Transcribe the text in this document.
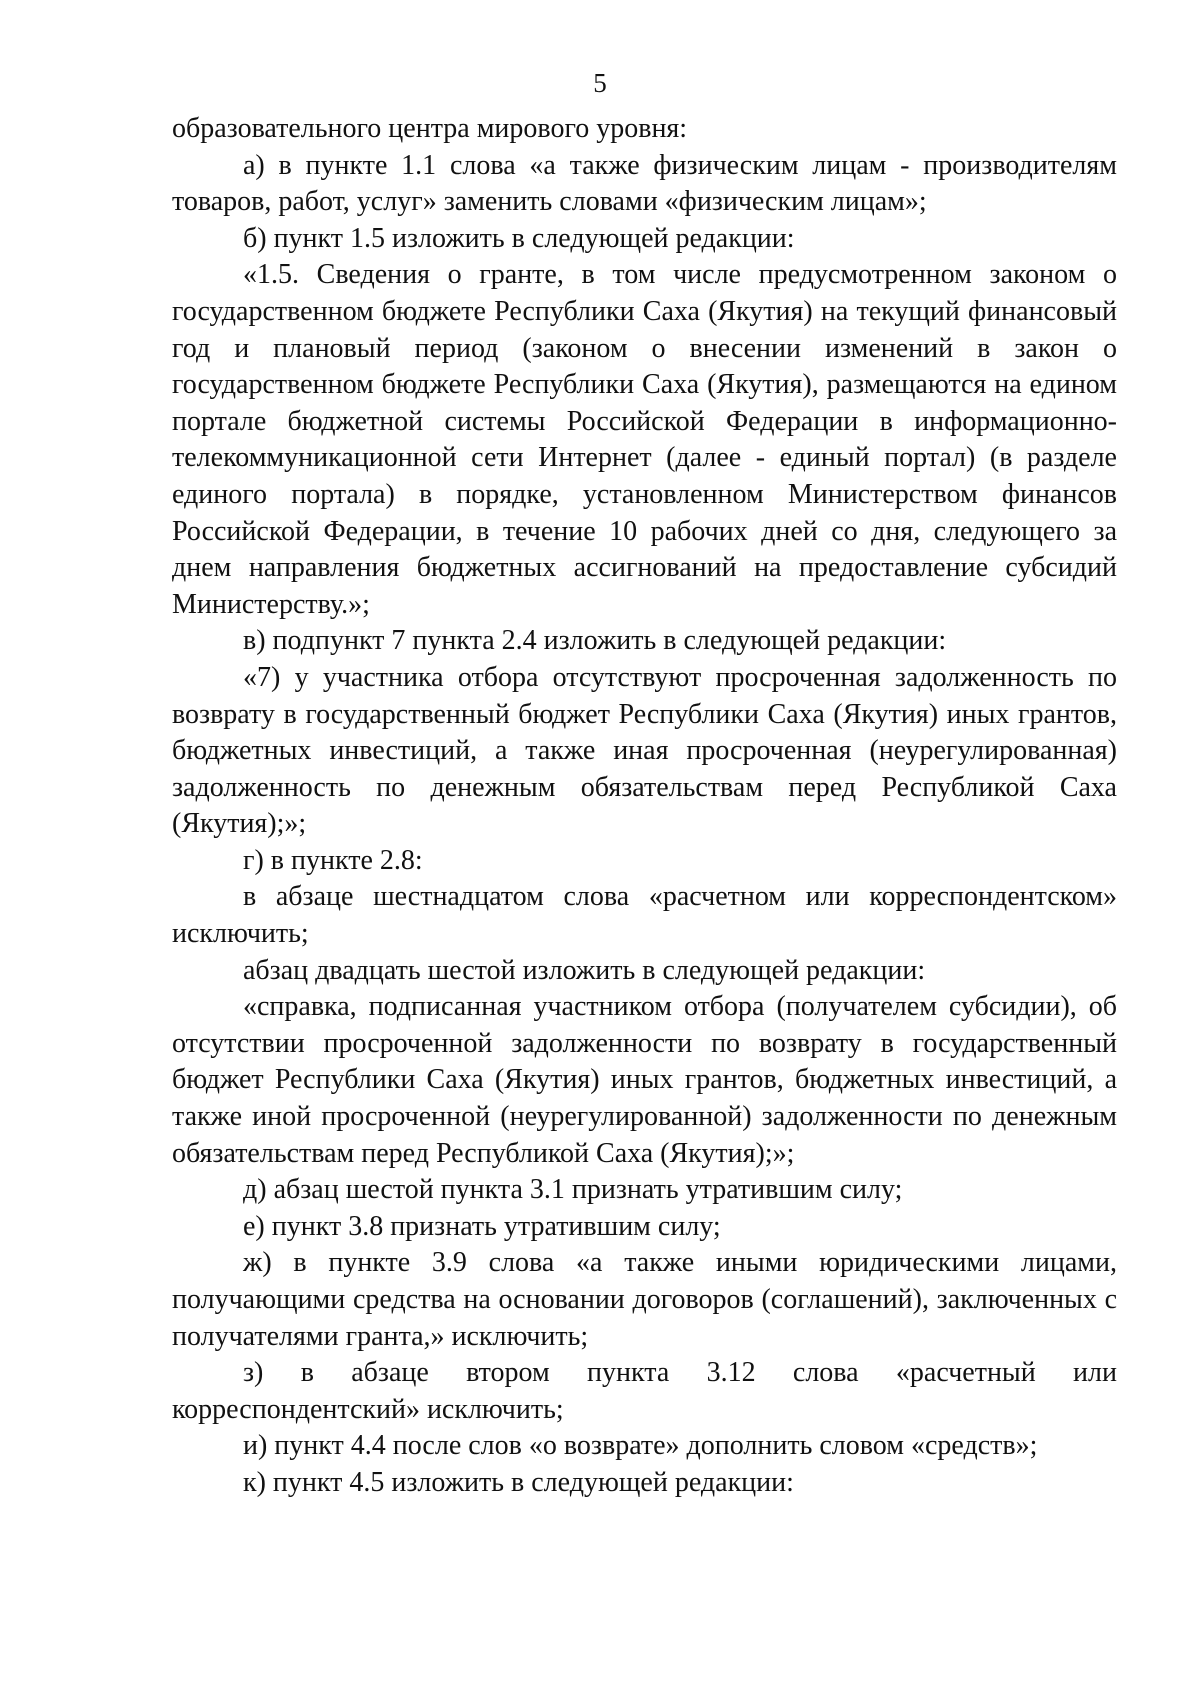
5

образовательного центра мирового уровня:

а) в пункте 1.1 слова «а также физическим лицам - производителям товаров, работ, услуг» заменить словами «физическим лицам»;

б) пункт 1.5 изложить в следующей редакции:

«1.5. Сведения о гранте, в том числе предусмотренном законом о государственном бюджете Республики Саха (Якутия) на текущий финансовый год и плановый период (законом о внесении изменений в закон о государственном бюджете Республики Саха (Якутия), размещаются на едином портале бюджетной системы Российской Федерации в информационно-телекоммуникационной сети Интернет (далее - единый портал) (в разделе единого портала) в порядке, установленном Министерством финансов Российской Федерации, в течение 10 рабочих дней со дня, следующего за днем направления бюджетных ассигнований на предоставление субсидий Министерству.»;

в) подпункт 7 пункта 2.4 изложить в следующей редакции:

«7) у участника отбора отсутствуют просроченная задолженность по возврату в государственный бюджет Республики Саха (Якутия) иных грантов, бюджетных инвестиций, а также иная просроченная (неурегулированная) задолженность по денежным обязательствам перед Республикой Саха (Якутия);»;

г) в пункте 2.8:

в абзаце шестнадцатом слова «расчетном или корреспондентском» исключить;

абзац двадцать шестой изложить в следующей редакции:

«справка, подписанная участником отбора (получателем субсидии), об отсутствии просроченной задолженности по возврату в государственный бюджет Республики Саха (Якутия) иных грантов, бюджетных инвестиций, а также иной просроченной (неурегулированной) задолженности по денежным обязательствам перед Республикой Саха (Якутия);»;

д) абзац шестой пункта 3.1 признать утратившим силу;

е) пункт 3.8 признать утратившим силу;

ж) в пункте 3.9 слова «а также иными юридическими лицами, получающими средства на основании договоров (соглашений), заключенных с получателями гранта,» исключить;

з) в абзаце втором пункта 3.12 слова «расчетный или корреспондентский» исключить;

и) пункт 4.4 после слов «о возврате» дополнить словом «средств»;

к) пункт 4.5 изложить в следующей редакции:
